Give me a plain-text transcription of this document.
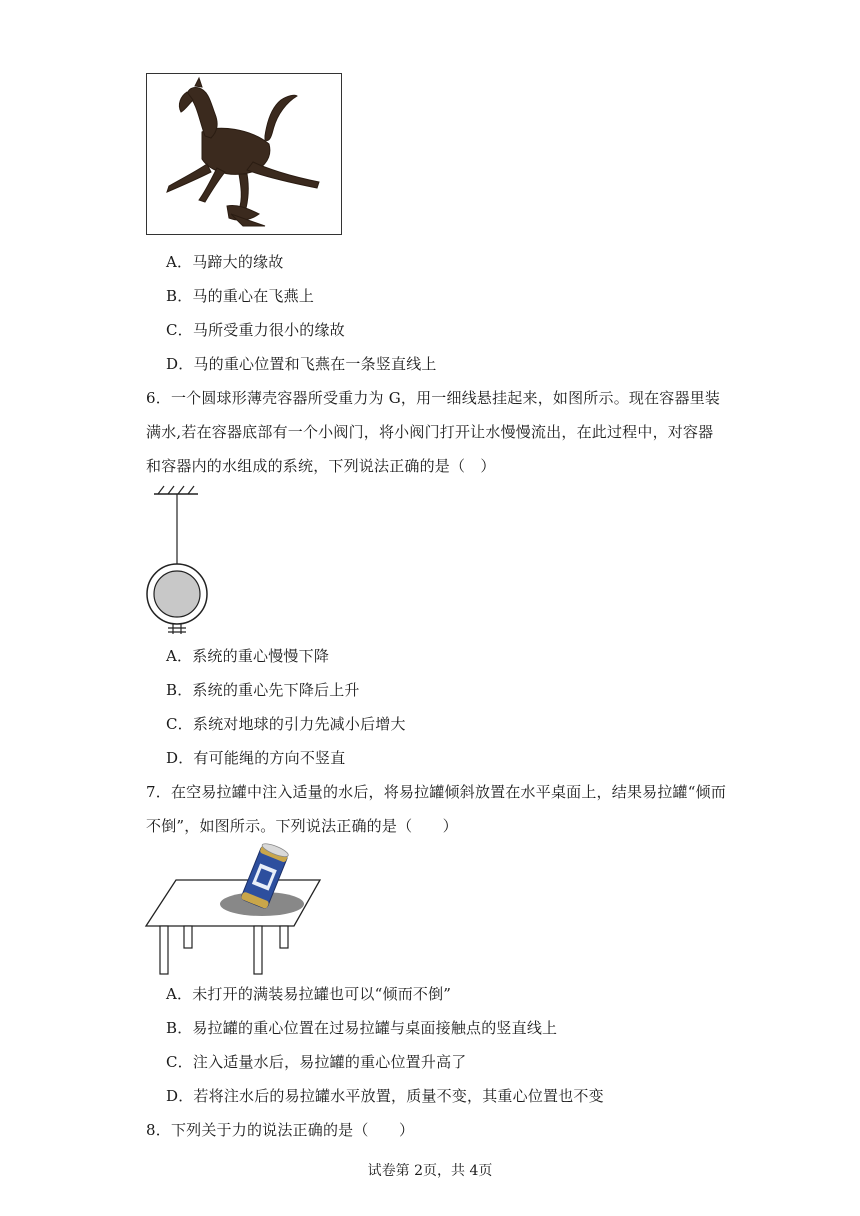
A．马蹄大的缘故
B．马的重心在飞燕上
C．马所受重力很小的缘故
D．马的重心位置和飞燕在一条竖直线上
6．一个圆球形薄壳容器所受重力为 G，用一细线悬挂起来，如图所示。现在容器里装
满水,若在容器底部有一个小阀门，将小阀门打开让水慢慢流出，在此过程中，对容器
和容器内的水组成的系统，下列说法正确的是（　）
A．系统的重心慢慢下降
B．系统的重心先下降后上升
C．系统对地球的引力先减小后增大
D．有可能绳的方向不竖直
7．在空易拉罐中注入适量的水后，将易拉罐倾斜放置在水平桌面上，结果易拉罐“倾而
不倒”，如图所示。下列说法正确的是（　　）
A．未打开的满装易拉罐也可以“倾而不倒”
B．易拉罐的重心位置在过易拉罐与桌面接触点的竖直线上
C．注入适量水后，易拉罐的重心位置升高了
D．若将注水后的易拉罐水平放置，质量不变，其重心位置也不变
8．下列关于力的说法正确的是（　　）
试卷第 2页，共 4页
